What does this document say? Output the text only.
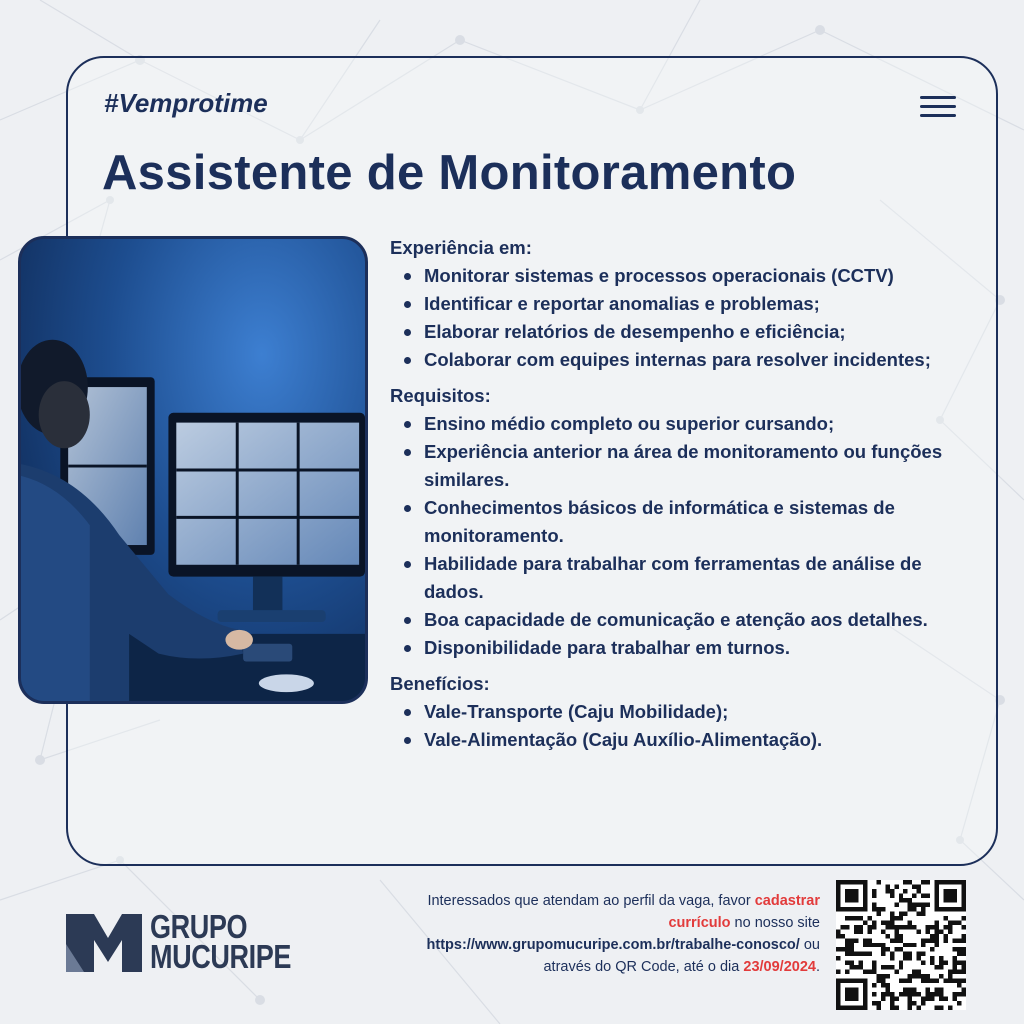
#Vemprotime
Assistente de Monitoramento
Experiência em:
Monitorar sistemas e processos operacionais (CCTV)
Identificar e reportar anomalias e problemas;
Elaborar relatórios de desempenho e eficiência;
Colaborar com equipes internas para resolver incidentes;
Requisitos:
Ensino médio completo ou superior cursando;
Experiência anterior na área de monitoramento ou funções similares.
Conhecimentos básicos de informática e sistemas de monitoramento.
Habilidade para trabalhar com ferramentas de análise de dados.
Boa capacidade de comunicação e atenção aos detalhes.
Disponibilidade para trabalhar em turnos.
Benefícios:
Vale-Transporte (Caju Mobilidade);
Vale-Alimentação (Caju Auxílio-Alimentação).
GRUPO
MUCURIPE
Interessados que atendam ao perfil da vaga, favor cadastrar currículo no nosso site https://www.grupomucuripe.com.br/trabalhe-conosco/ ou através do QR Code, até o dia 23/09/2024.
